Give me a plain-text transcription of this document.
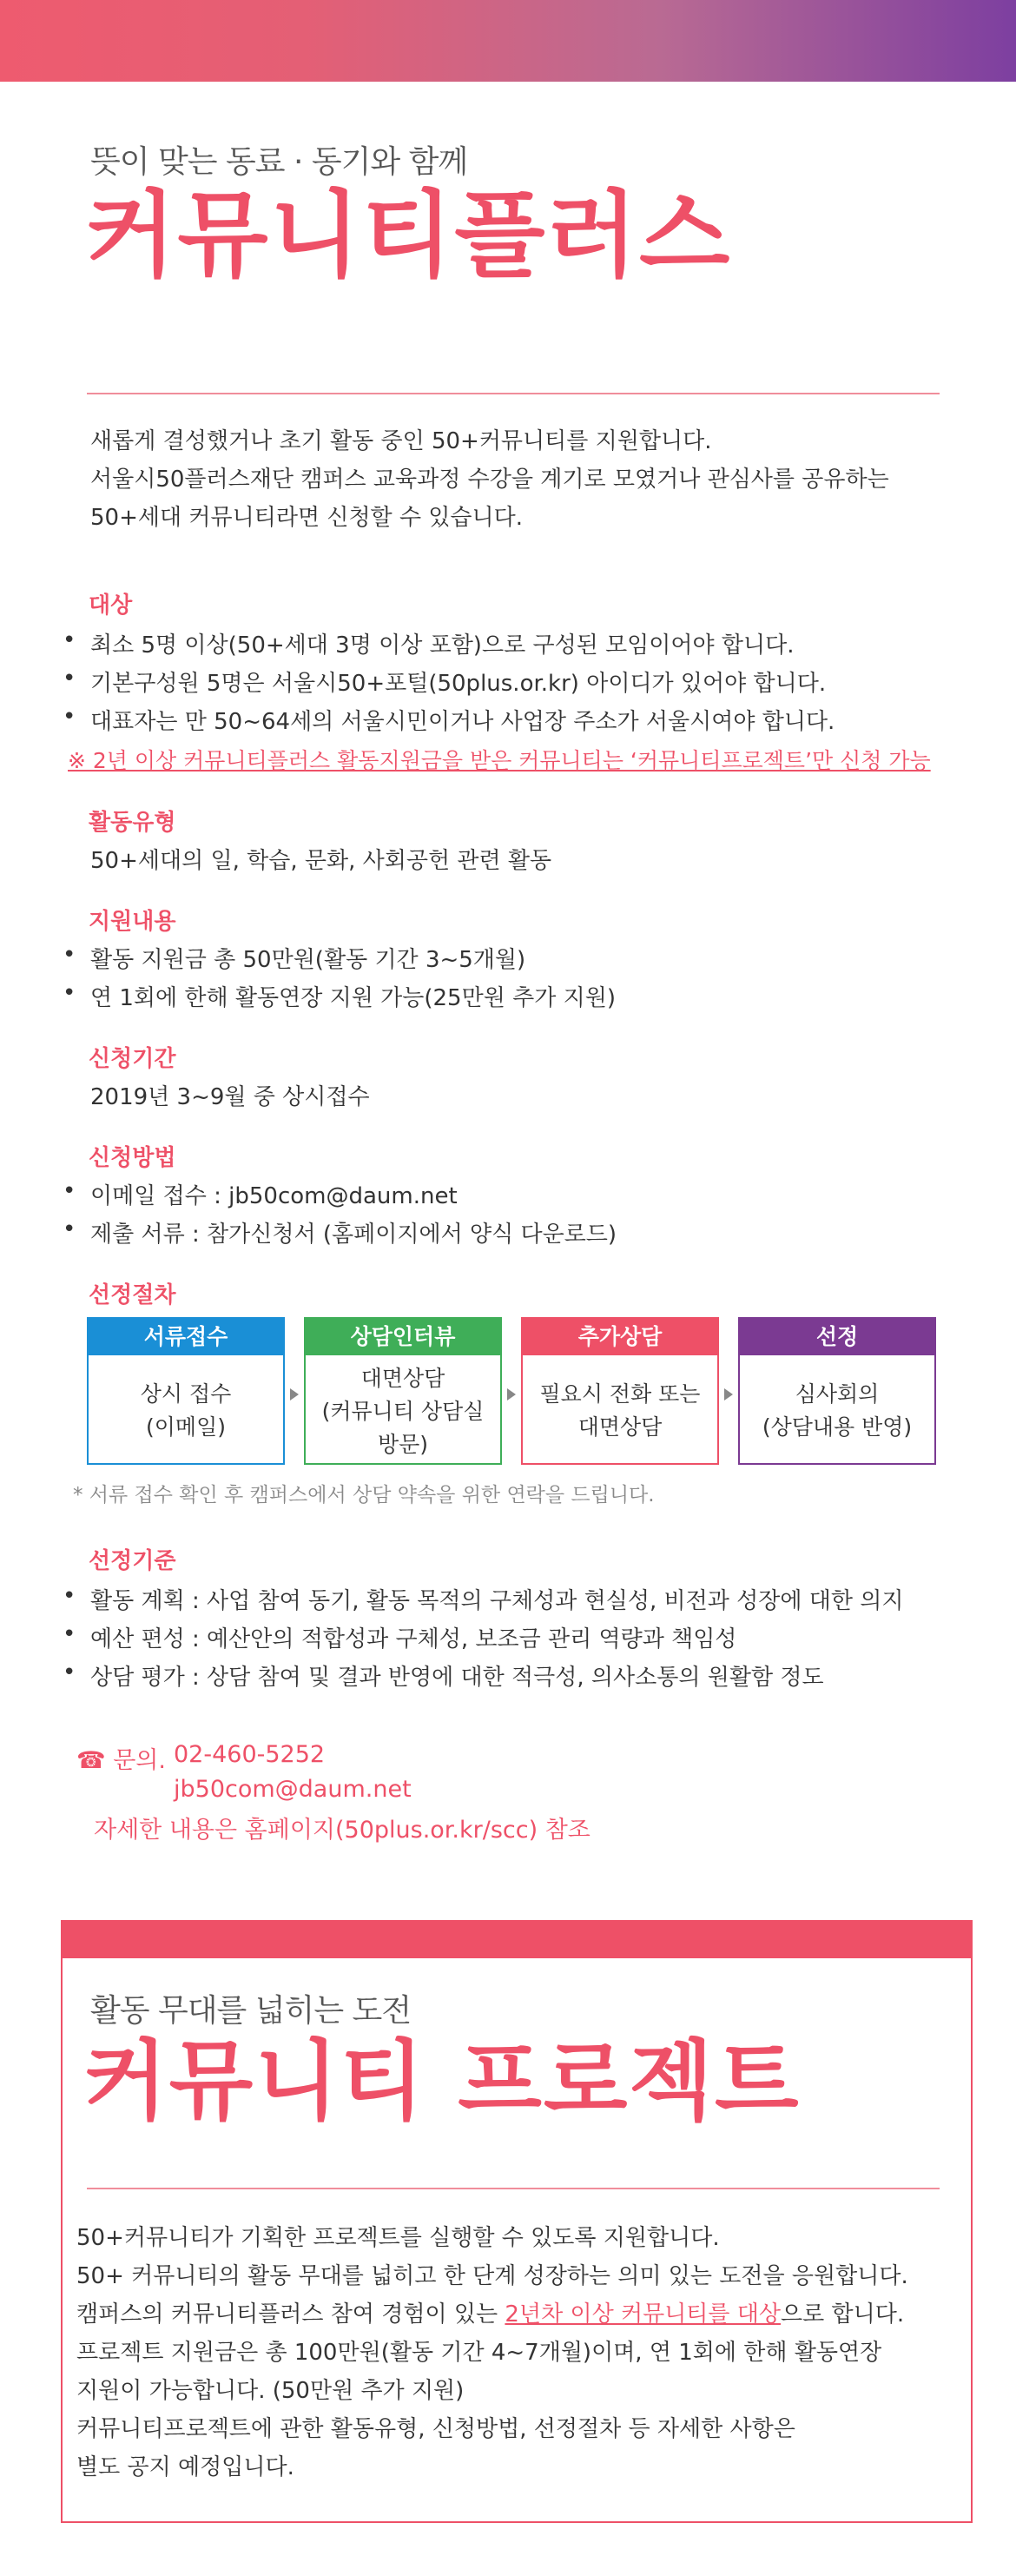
뜻이 맞는 동료 · 동기와 함께
커뮤니티플러스

새롭게 결성했거나 초기 활동 중인 50+커뮤니티를 지원합니다.

서울시50플러스재단 캠퍼스 교육과정 수강을 계기로 모였거나 관심사를 공유하는

50+세대 커뮤니티라면 신청할 수 있습니다.

대상
• 최소 5명 이상(50+세대 3명 이상 포함)으로 구성된 모임이어야 합니다.
• 기본구성원 5명은 서울시50+포털(50plus.or.kr) 아이디가 있어야 합니다.
• 대표자는 만 50~64세의 서울시민이거나 사업장 주소가 서울시여야 합니다.
※ 2년 이상 커뮤니티플러스 활동지원금을 받은 커뮤니티는 ‘커뮤니티프로젝트’만 신청 가능
활동유형
50+세대의 일, 학습, 문화, 사회공헌 관련 활동
지원내용
• 활동 지원금 총 50만원(활동 기간 3~5개월)
• 연 1회에 한해 활동연장 지원 가능(25만원 추가 지원)
신청기간
2019년 3~9월 중 상시접수
신청방법
• 이메일 접수 : jb50com@daum.net
• 제출 서류 : 참가신청서 (홈페이지에서 양식 다운로드)
선정절차
서류접수
상시 접수
(이메일)
상담인터뷰
대면상담
(커뮤니티 상담실
방문)
추가상담
필요시 전화 또는
대면상담
선정
심사회의
(상담내용 반영)
* 서류 접수 확인 후 캠퍼스에서 상담 약속을 위한 연락을 드립니다.
선정기준
• 활동 계획 : 사업 참여 동기, 활동 목적의 구체성과 현실성, 비전과 성장에 대한 의지
• 예산 편성 : 예산안의 적합성과 구체성, 보조금 관리 역량과 책임성
• 상담 평가 : 상담 참여 및 결과 반영에 대한 적극성, 의사소통의 원활함 정도
☎ 문의. 02-460-5252
jb50com@daum.net
자세한 내용은 홈페이지(50plus.or.kr/scc) 참조
활동 무대를 넓히는 도전
커뮤니티 프로젝트

50+커뮤니티가 기획한 프로젝트를 실행할 수 있도록 지원합니다.

50+ 커뮤니티의 활동 무대를 넓히고 한 단계 성장하는 의미 있는 도전을 응원합니다.

캠퍼스의 커뮤니티플러스 참여 경험이 있는 2년차 이상 커뮤니티를 대상으로 합니다.

프로젝트 지원금은 총 100만원(활동 기간 4~7개월)이며, 연 1회에 한해 활동연장

지원이 가능합니다. (50만원 추가 지원)

커뮤니티프로젝트에 관한 활동유형, 신청방법, 선정절차 등 자세한 사항은

별도 공지 예정입니다.
